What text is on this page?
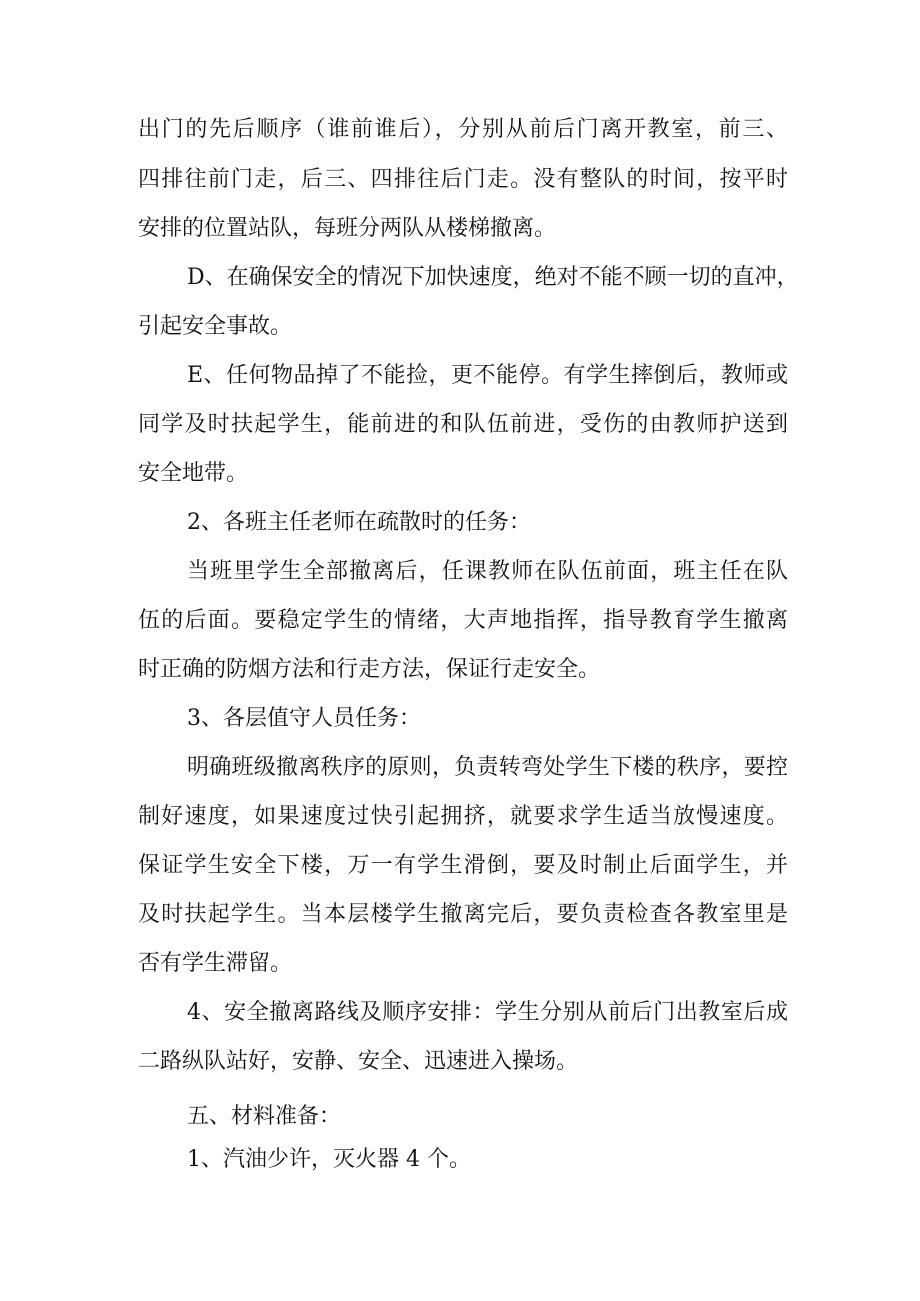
出门的先后顺序（谁前谁后），分别从前后门离开教室，前三、
四排往前门走，后三、四排往后门走。没有整队的时间，按平时
安排的位置站队，每班分两队从楼梯撤离。
D、在确保安全的情况下加快速度，绝对不能不顾一切的直冲，
引起安全事故。
E、任何物品掉了不能捡，更不能停。有学生摔倒后，教师或
同学及时扶起学生，能前进的和队伍前进，受伤的由教师护送到
安全地带。
2、各班主任老师在疏散时的任务：
当班里学生全部撤离后，任课教师在队伍前面，班主任在队
伍的后面。要稳定学生的情绪，大声地指挥，指导教育学生撤离
时正确的防烟方法和行走方法，保证行走安全。
3、各层值守人员任务：
明确班级撤离秩序的原则，负责转弯处学生下楼的秩序，要控
制好速度，如果速度过快引起拥挤，就要求学生适当放慢速度。
保证学生安全下楼，万一有学生滑倒，要及时制止后面学生，并
及时扶起学生。当本层楼学生撤离完后，要负责检查各教室里是
否有学生滞留。
4、安全撤离路线及顺序安排：学生分别从前后门出教室后成
二路纵队站好，安静、安全、迅速进入操场。
五、材料准备：
1、汽油少许，灭火器 4 个。
